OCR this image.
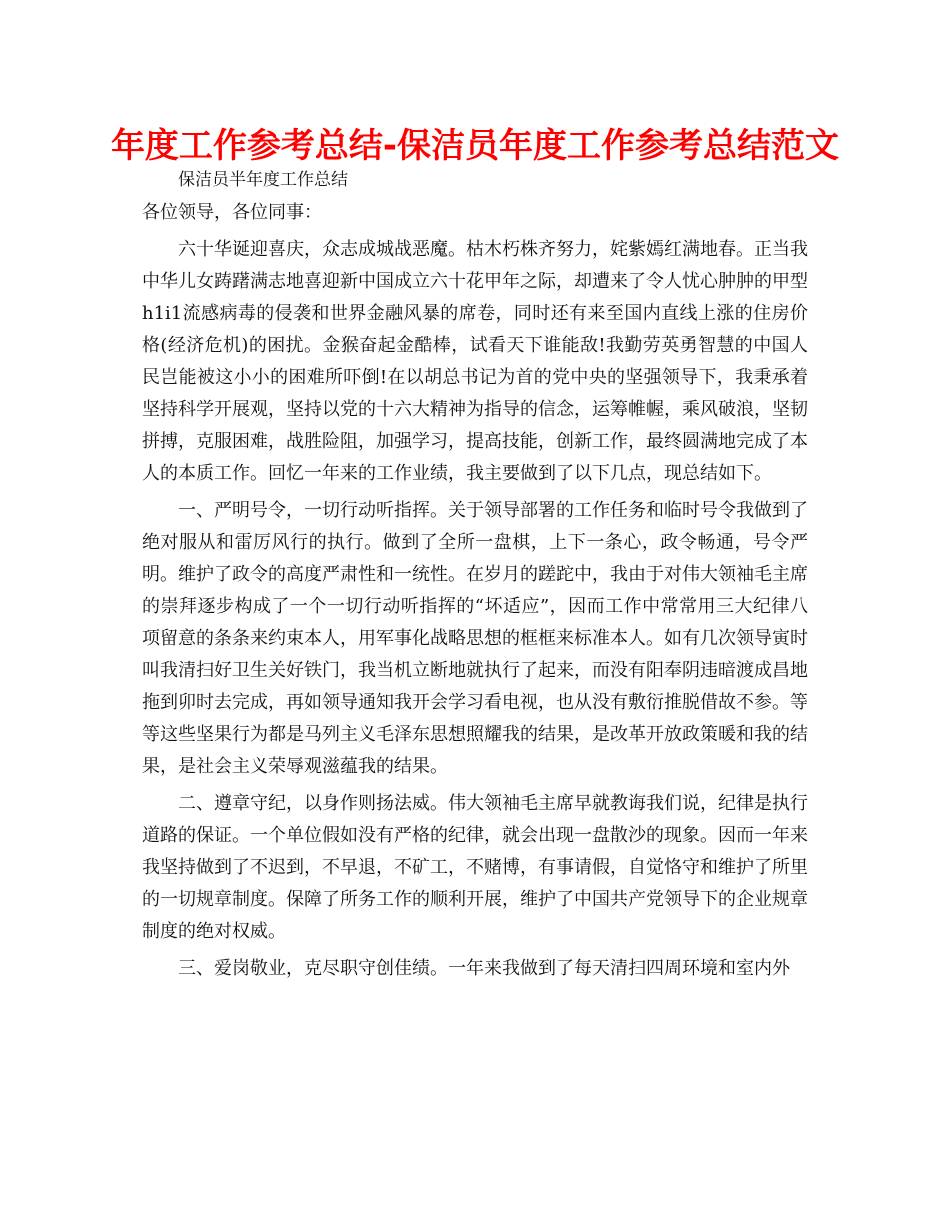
年度工作参考总结-保洁员年度工作参考总结范文
保洁员半年度工作总结

各位领导，各位同事：

六十华诞迎喜庆，众志成城战恶魔。枯木朽株齐努力，姹紫嫣红满地春。正当我中华儿女踌躇满志地喜迎新中国成立六十花甲年之际，却遭来了令人忧心肿肿的甲型h1i1流感病毒的侵袭和世界金融风暴的席卷，同时还有来至国内直线上涨的住房价格(经济危机)的困扰。金猴奋起金酷棒，试看天下谁能敌!我勤劳英勇智慧的中国人民岂能被这小小的困难所吓倒!在以胡总书记为首的党中央的坚强领导下，我秉承着坚持科学开展观，坚持以党的十六大精神为指导的信念，运筹帷幄，乘风破浪，坚韧拼搏，克服困难，战胜险阻，加强学习，提高技能，创新工作，最终圆满地完成了本人的本质工作。回忆一年来的工作业绩，我主要做到了以下几点，现总结如下。

一、严明号令，一切行动听指挥。关于领导部署的工作任务和临时号令我做到了绝对服从和雷厉风行的执行。做到了全所一盘棋，上下一条心，政令畅通，号令严明。维护了政令的高度严肃性和一统性。在岁月的蹉跎中，我由于对伟大领袖毛主席的崇拜逐步构成了一个一切行动听指挥的“坏适应”，因而工作中常常用三大纪律八项留意的条条来约束本人，用军事化战略思想的框框来标准本人。如有几次领导寅时叫我清扫好卫生关好铁门，我当机立断地就执行了起来，而没有阳奉阴违暗渡成昌地拖到卯时去完成，再如领导通知我开会学习看电视，也从没有敷衍推脱借故不参。等等这些坚果行为都是马列主义毛泽东思想照耀我的结果，是改革开放政策暖和我的结果，是社会主义荣辱观滋蕴我的结果。

二、遵章守纪，以身作则扬法威。伟大领袖毛主席早就教诲我们说，纪律是执行道路的保证。一个单位假如没有严格的纪律，就会出现一盘散沙的现象。因而一年来我坚持做到了不迟到，不早退，不矿工，不赌博，有事请假，自觉恪守和维护了所里的一切规章制度。保障了所务工作的顺利开展，维护了中国共产党领导下的企业规章制度的绝对权威。

三、爱岗敬业，克尽职守创佳绩。一年来我做到了每天清扫四周环境和室内外
